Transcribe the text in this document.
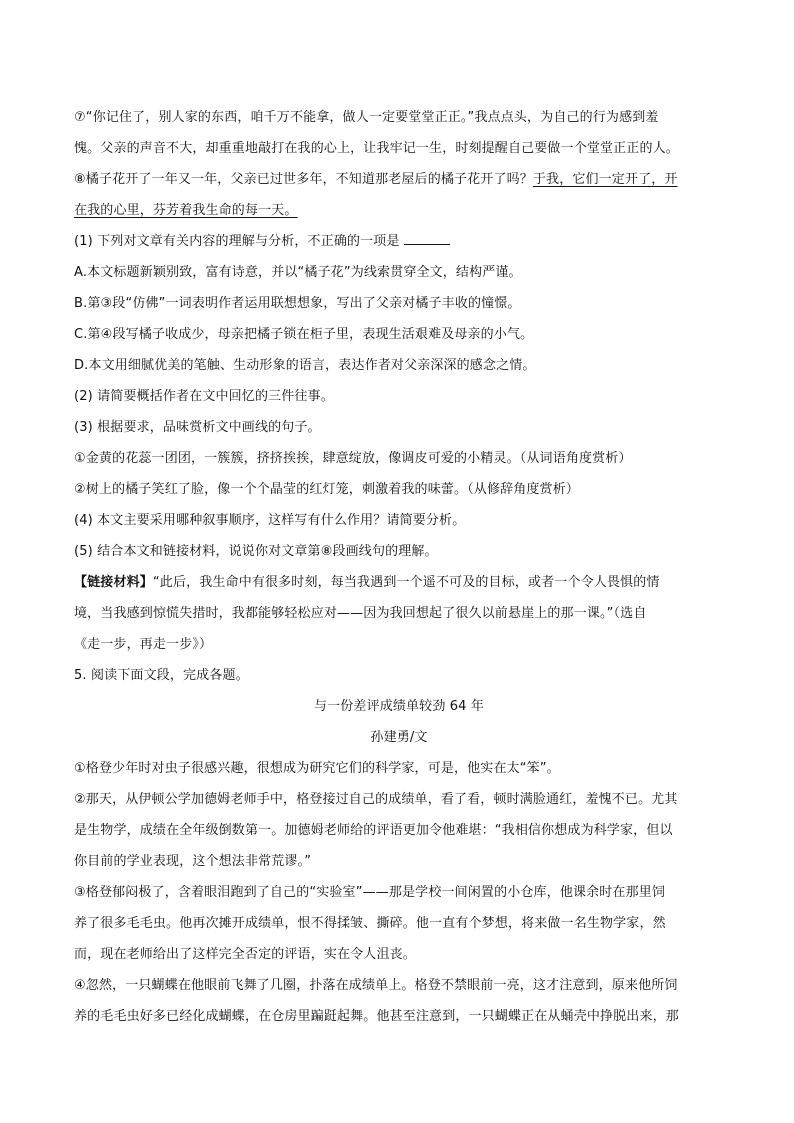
⑦“你记住了，别人家的东西，咱千万不能拿，做人一定要堂堂正正。”我点点头，为自己的行为感到羞
愧。父亲的声音不大，却重重地敲打在我的心上，让我牢记一生，时刻提醒自己要做一个堂堂正正的人。
⑧橘子花开了一年又一年，父亲已过世多年，不知道那老屋后的橘子花开了吗？于我，它们一定开了，开
在我的心里，芬芳着我生命的每一天。
(1) 下列对文章有关内容的理解与分析，不正确的一项是
A.本文标题新颖别致，富有诗意，并以“橘子花”为线索贯穿全文，结构严谨。
B.第③段“仿佛”一词表明作者运用联想想象，写出了父亲对橘子丰收的憧憬。
C.第④段写橘子收成少，母亲把橘子锁在柜子里，表现生活艰难及母亲的小气。
D.本文用细腻优美的笔触、生动形象的语言，表达作者对父亲深深的感念之情。
(2) 请简要概括作者在文中回忆的三件往事。
(3) 根据要求，品味赏析文中画线的句子。
①金黄的花蕊一团团，一簇簇，挤挤挨挨，肆意绽放，像调皮可爱的小精灵。（从词语角度赏析）
②树上的橘子笑红了脸，像一个个晶莹的红灯笼，刺激着我的味蕾。（从修辞角度赏析）
(4) 本文主要采用哪种叙事顺序，这样写有什么作用？请简要分析。
(5) 结合本文和链接材料，说说你对文章第⑧段画线句的理解。
【链接材料】“此后，我生命中有很多时刻，每当我遇到一个遥不可及的目标，或者一个令人畏惧的情
境，当我感到惊慌失措时，我都能够轻松应对——因为我回想起了很久以前悬崖上的那一课。”（选自
《走一步，再走一步》）
5. 阅读下面文段，完成各题。
与一份差评成绩单较劲 64 年
孙建勇/文
①格登少年时对虫子很感兴趣，很想成为研究它们的科学家，可是，他实在太“笨”。
②那天，从伊顿公学加德姆老师手中，格登接过自己的成绩单，看了看，顿时满脸通红，羞愧不已。尤其
是生物学，成绩在全年级倒数第一。加德姆老师给的评语更加令他难堪：“我相信你想成为科学家，但以
你目前的学业表现，这个想法非常荒谬。”
③格登郁闷极了，含着眼泪跑到了自己的“实验室”——那是学校一间闲置的小仓库，他课余时在那里饲
养了很多毛毛虫。他再次摊开成绩单，恨不得揉皱、撕碎。他一直有个梦想，将来做一名生物学家，然
而，现在老师给出了这样完全否定的评语，实在令人沮丧。
④忽然，一只蝴蝶在他眼前飞舞了几圈，扑落在成绩单上。格登不禁眼前一亮，这才注意到，原来他所饲
养的毛毛虫好多已经化成蝴蝶，在仓房里蹁跹起舞。他甚至注意到，一只蝴蝶正在从蛹壳中挣脱出来，那
